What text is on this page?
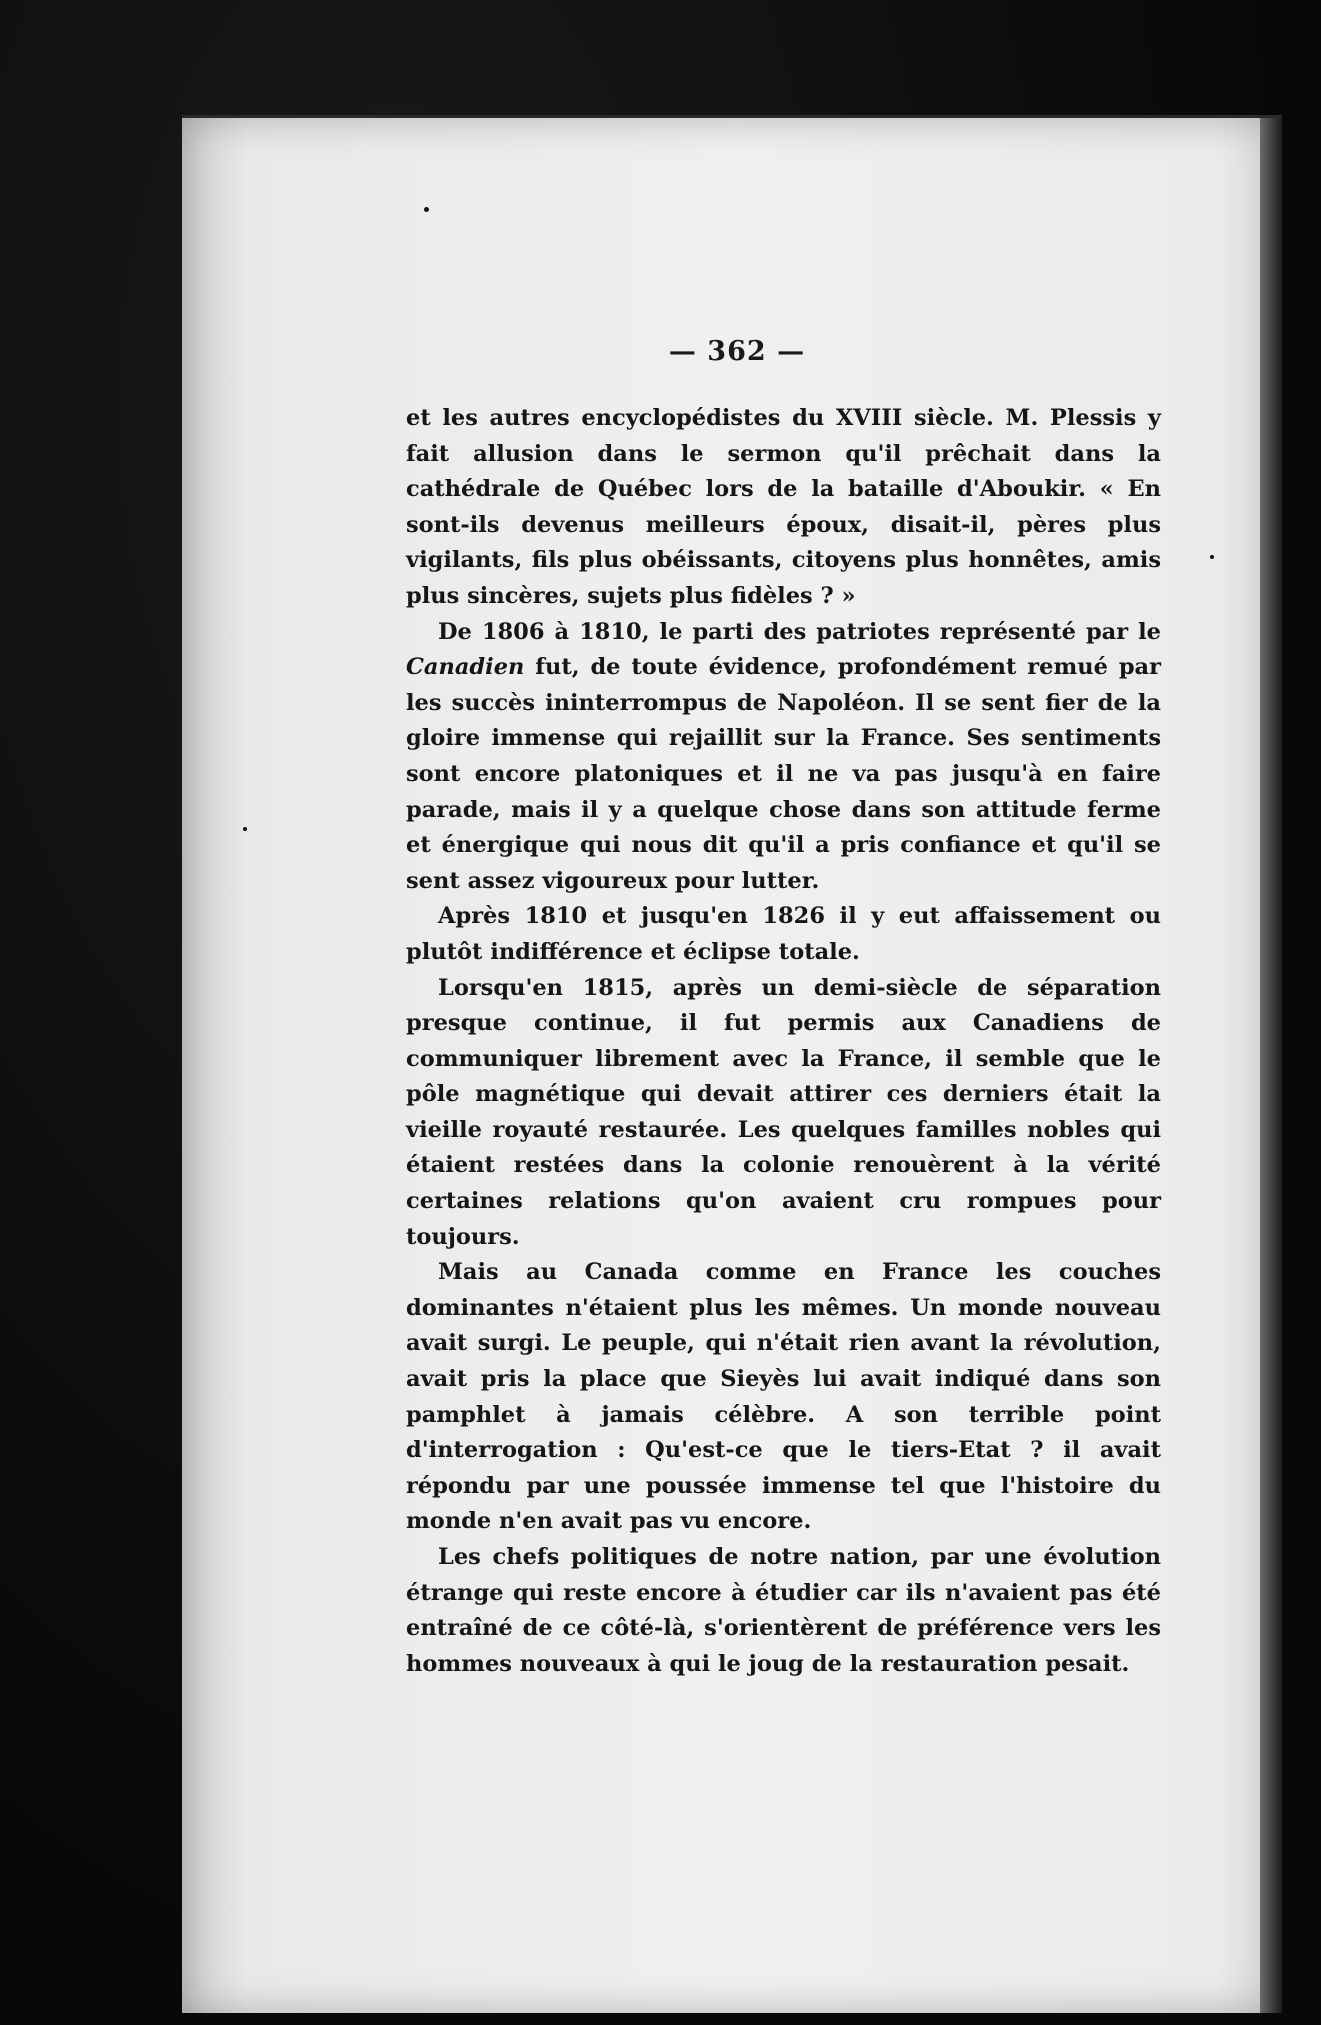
— 362 —

et les autres encyclopédistes du XVIII siècle. M. Plessis y fait allusion dans le sermon qu'il prêchait dans la cathédrale de Québec lors de la bataille d'Aboukir. « En sont-ils devenus meilleurs époux, disait-il, pères plus vigilants, fils plus obéissants, citoyens plus honnêtes, amis plus sincères, sujets plus fidèles ? »

De 1806 à 1810, le parti des patriotes représenté par le Canadien fut, de toute évidence, profondément remué par les succès ininterrompus de Napoléon. Il se sent fier de la gloire immense qui rejaillit sur la France. Ses sentiments sont encore platoniques et il ne va pas jusqu'à en faire parade, mais il y a quelque chose dans son attitude ferme et énergique qui nous dit qu'il a pris confiance et qu'il se sent assez vigoureux pour lutter.

Après 1810 et jusqu'en 1826 il y eut affaissement ou plutôt indifférence et éclipse totale.

Lorsqu'en 1815, après un demi-siècle de séparation presque continue, il fut permis aux Canadiens de communiquer librement avec la France, il semble que le pôle magnétique qui devait attirer ces derniers était la vieille royauté restaurée. Les quelques familles nobles qui étaient restées dans la colonie renouèrent à la vérité certaines relations qu'on avaient cru rompues pour toujours.

Mais au Canada comme en France les couches dominantes n'étaient plus les mêmes. Un monde nouveau avait surgi. Le peuple, qui n'était rien avant la révolution, avait pris la place que Sieyès lui avait indiqué dans son pamphlet à jamais célèbre. A son terrible point d'interrogation : Qu'est-ce que le tiers-Etat ? il avait répondu par une poussée immense tel que l'histoire du monde n'en avait pas vu encore.

Les chefs politiques de notre nation, par une évolution étrange qui reste encore à étudier car ils n'avaient pas été entraîné de ce côté-là, s'orientèrent de préférence vers les hommes nouveaux à qui le joug de la restauration pesait.
